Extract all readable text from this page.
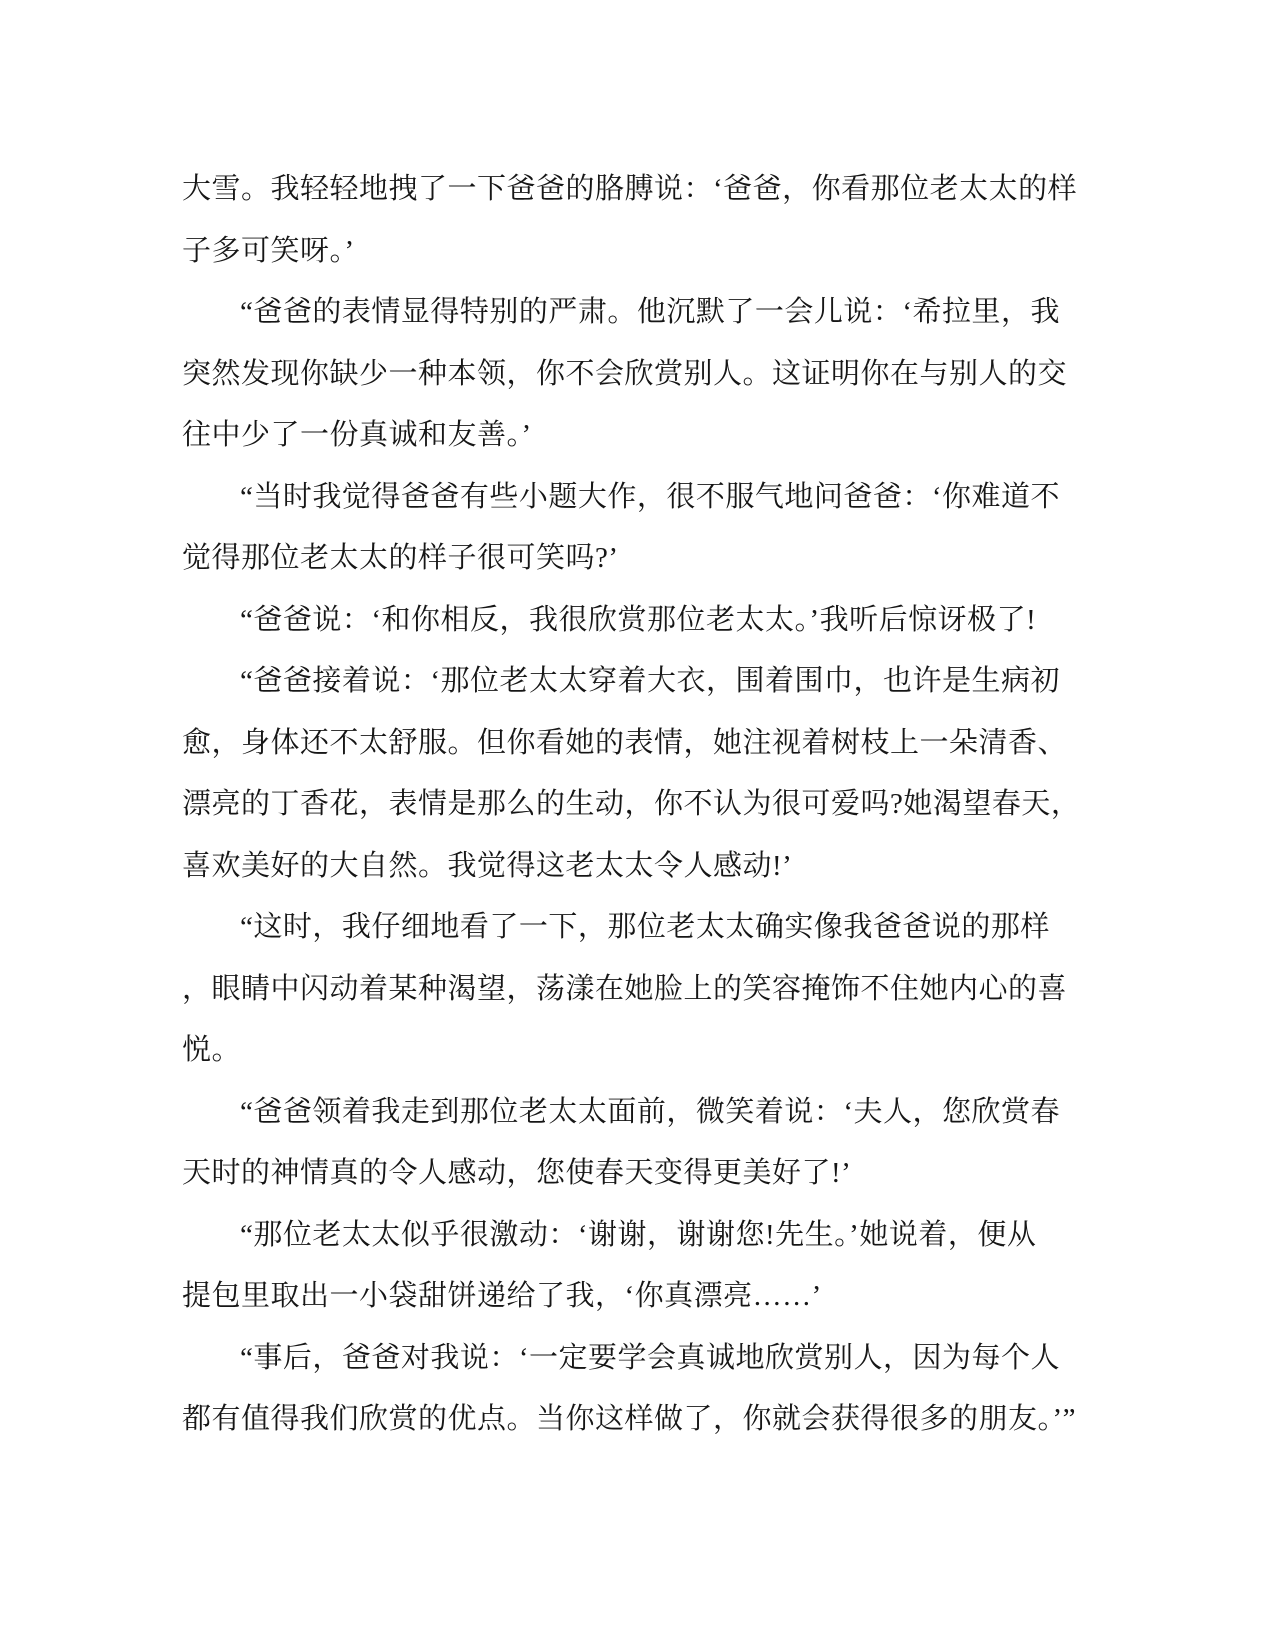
大雪。我轻轻地拽了一下爸爸的胳膊说：‘爸爸，你看那位老太太的样
子多可笑呀。’
“爸爸的表情显得特别的严肃。他沉默了一会儿说：‘希拉里，我
突然发现你缺少一种本领，你不会欣赏别人。这证明你在与别人的交
往中少了一份真诚和友善。’
“当时我觉得爸爸有些小题大作，很不服气地问爸爸：‘你难道不
觉得那位老太太的样子很可笑吗?’
“爸爸说：‘和你相反，我很欣赏那位老太太。’我听后惊讶极了!
“爸爸接着说：‘那位老太太穿着大衣，围着围巾，也许是生病初
愈，身体还不太舒服。但你看她的表情，她注视着树枝上一朵清香、
漂亮的丁香花，表情是那么的生动，你不认为很可爱吗?她渴望春天，
喜欢美好的大自然。我觉得这老太太令人感动!’
“这时，我仔细地看了一下，那位老太太确实像我爸爸说的那样
，眼睛中闪动着某种渴望，荡漾在她脸上的笑容掩饰不住她内心的喜
悦。
“爸爸领着我走到那位老太太面前，微笑着说：‘夫人，您欣赏春
天时的神情真的令人感动，您使春天变得更美好了!’
“那位老太太似乎很激动：‘谢谢，谢谢您!先生。’她说着，便从
提包里取出一小袋甜饼递给了我，‘你真漂亮……’
“事后，爸爸对我说：‘一定要学会真诚地欣赏别人，因为每个人
都有值得我们欣赏的优点。当你这样做了，你就会获得很多的朋友。’”
